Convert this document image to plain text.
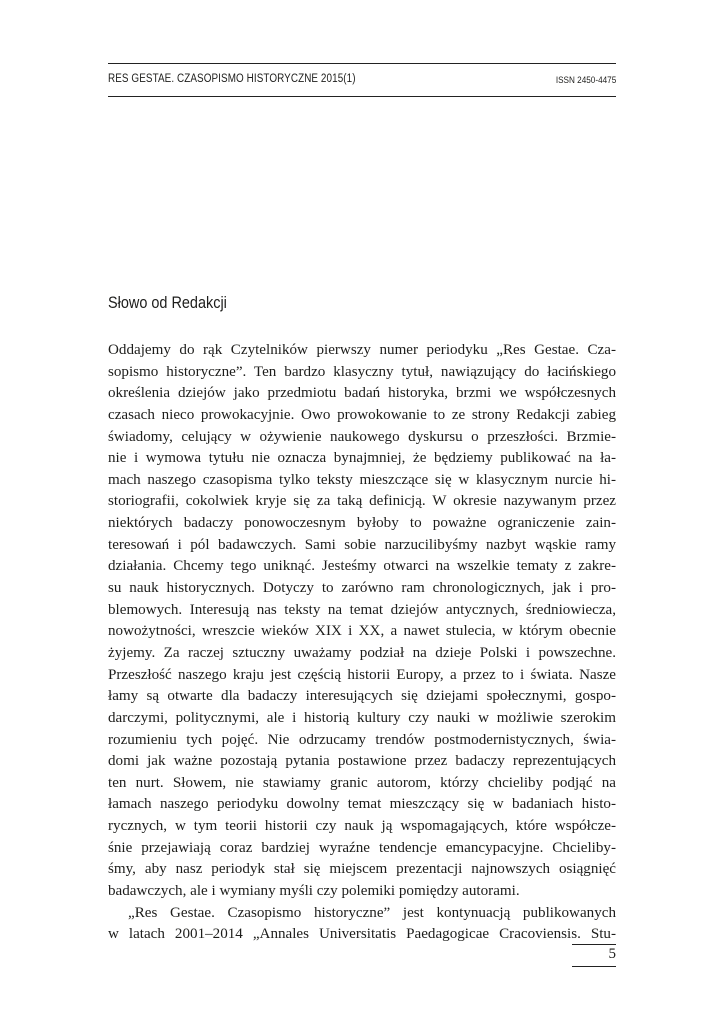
RES GESTAE. CZASOPISMO HISTORYCZNE 2015(1)	ISSN 2450-4475
Słowo od Redakcji
Oddajemy do rąk Czytelników pierwszy numer periodyku „Res Gestae. Cza-
sopismo historyczne”. Ten bardzo klasyczny tytuł, nawiązujący do łacińskiego
określenia dziejów jako przedmiotu badań historyka, brzmi we współczesnych
czasach nieco prowokacyjnie. Owo prowokowanie to ze strony Redakcji zabieg
świadomy, celujący w ożywienie naukowego dyskursu o przeszłości. Brzmie-
nie i wymowa tytułu nie oznacza bynajmniej, że będziemy publikować na ła-
mach naszego czasopisma tylko teksty mieszczące się w klasycznym nurcie hi-
storiografii, cokolwiek kryje się za taką definicją. W okresie nazywanym przez
niektórych badaczy ponowoczesnym byłoby to poważne ograniczenie zain-
teresowań i pól badawczych. Sami sobie narzucilibyśmy nazbyt wąskie ramy
działania. Chcemy tego uniknąć. Jesteśmy otwarci na wszelkie tematy z zakre-
su nauk historycznych. Dotyczy to zarówno ram chronologicznych, jak i pro-
blemowych. Interesują nas teksty na temat dziejów antycznych, średniowiecza,
nowożytności, wreszcie wieków XIX i XX, a nawet stulecia, w którym obecnie
żyjemy. Za raczej sztuczny uważamy podział na dzieje Polski i powszechne.
Przeszłość naszego kraju jest częścią historii Europy, a przez to i świata. Nasze
łamy są otwarte dla badaczy interesujących się dziejami społecznymi, gospo-
darczymi, politycznymi, ale i historią kultury czy nauki w możliwie szerokim
rozumieniu tych pojęć. Nie odrzucamy trendów postmodernistycznych, świa-
domi jak ważne pozostają pytania postawione przez badaczy reprezentujących
ten nurt. Słowem, nie stawiamy granic autorom, którzy chcieliby podjąć na
łamach naszego periodyku dowolny temat mieszczący się w badaniach histo-
rycznych, w tym teorii historii czy nauk ją wspomagających, które współcze-
śnie przejawiają coraz bardziej wyraźne tendencje emancypacyjne. Chcieliby-
śmy, aby nasz periodyk stał się miejscem prezentacji najnowszych osiągnięć
badawczych, ale i wymiany myśli czy polemiki pomiędzy autorami.
„Res Gestae. Czasopismo historyczne” jest kontynuacją publikowanych
w latach 2001–2014 „Annales Universitatis Paedagogicae Cracoviensis. Stu-
5
